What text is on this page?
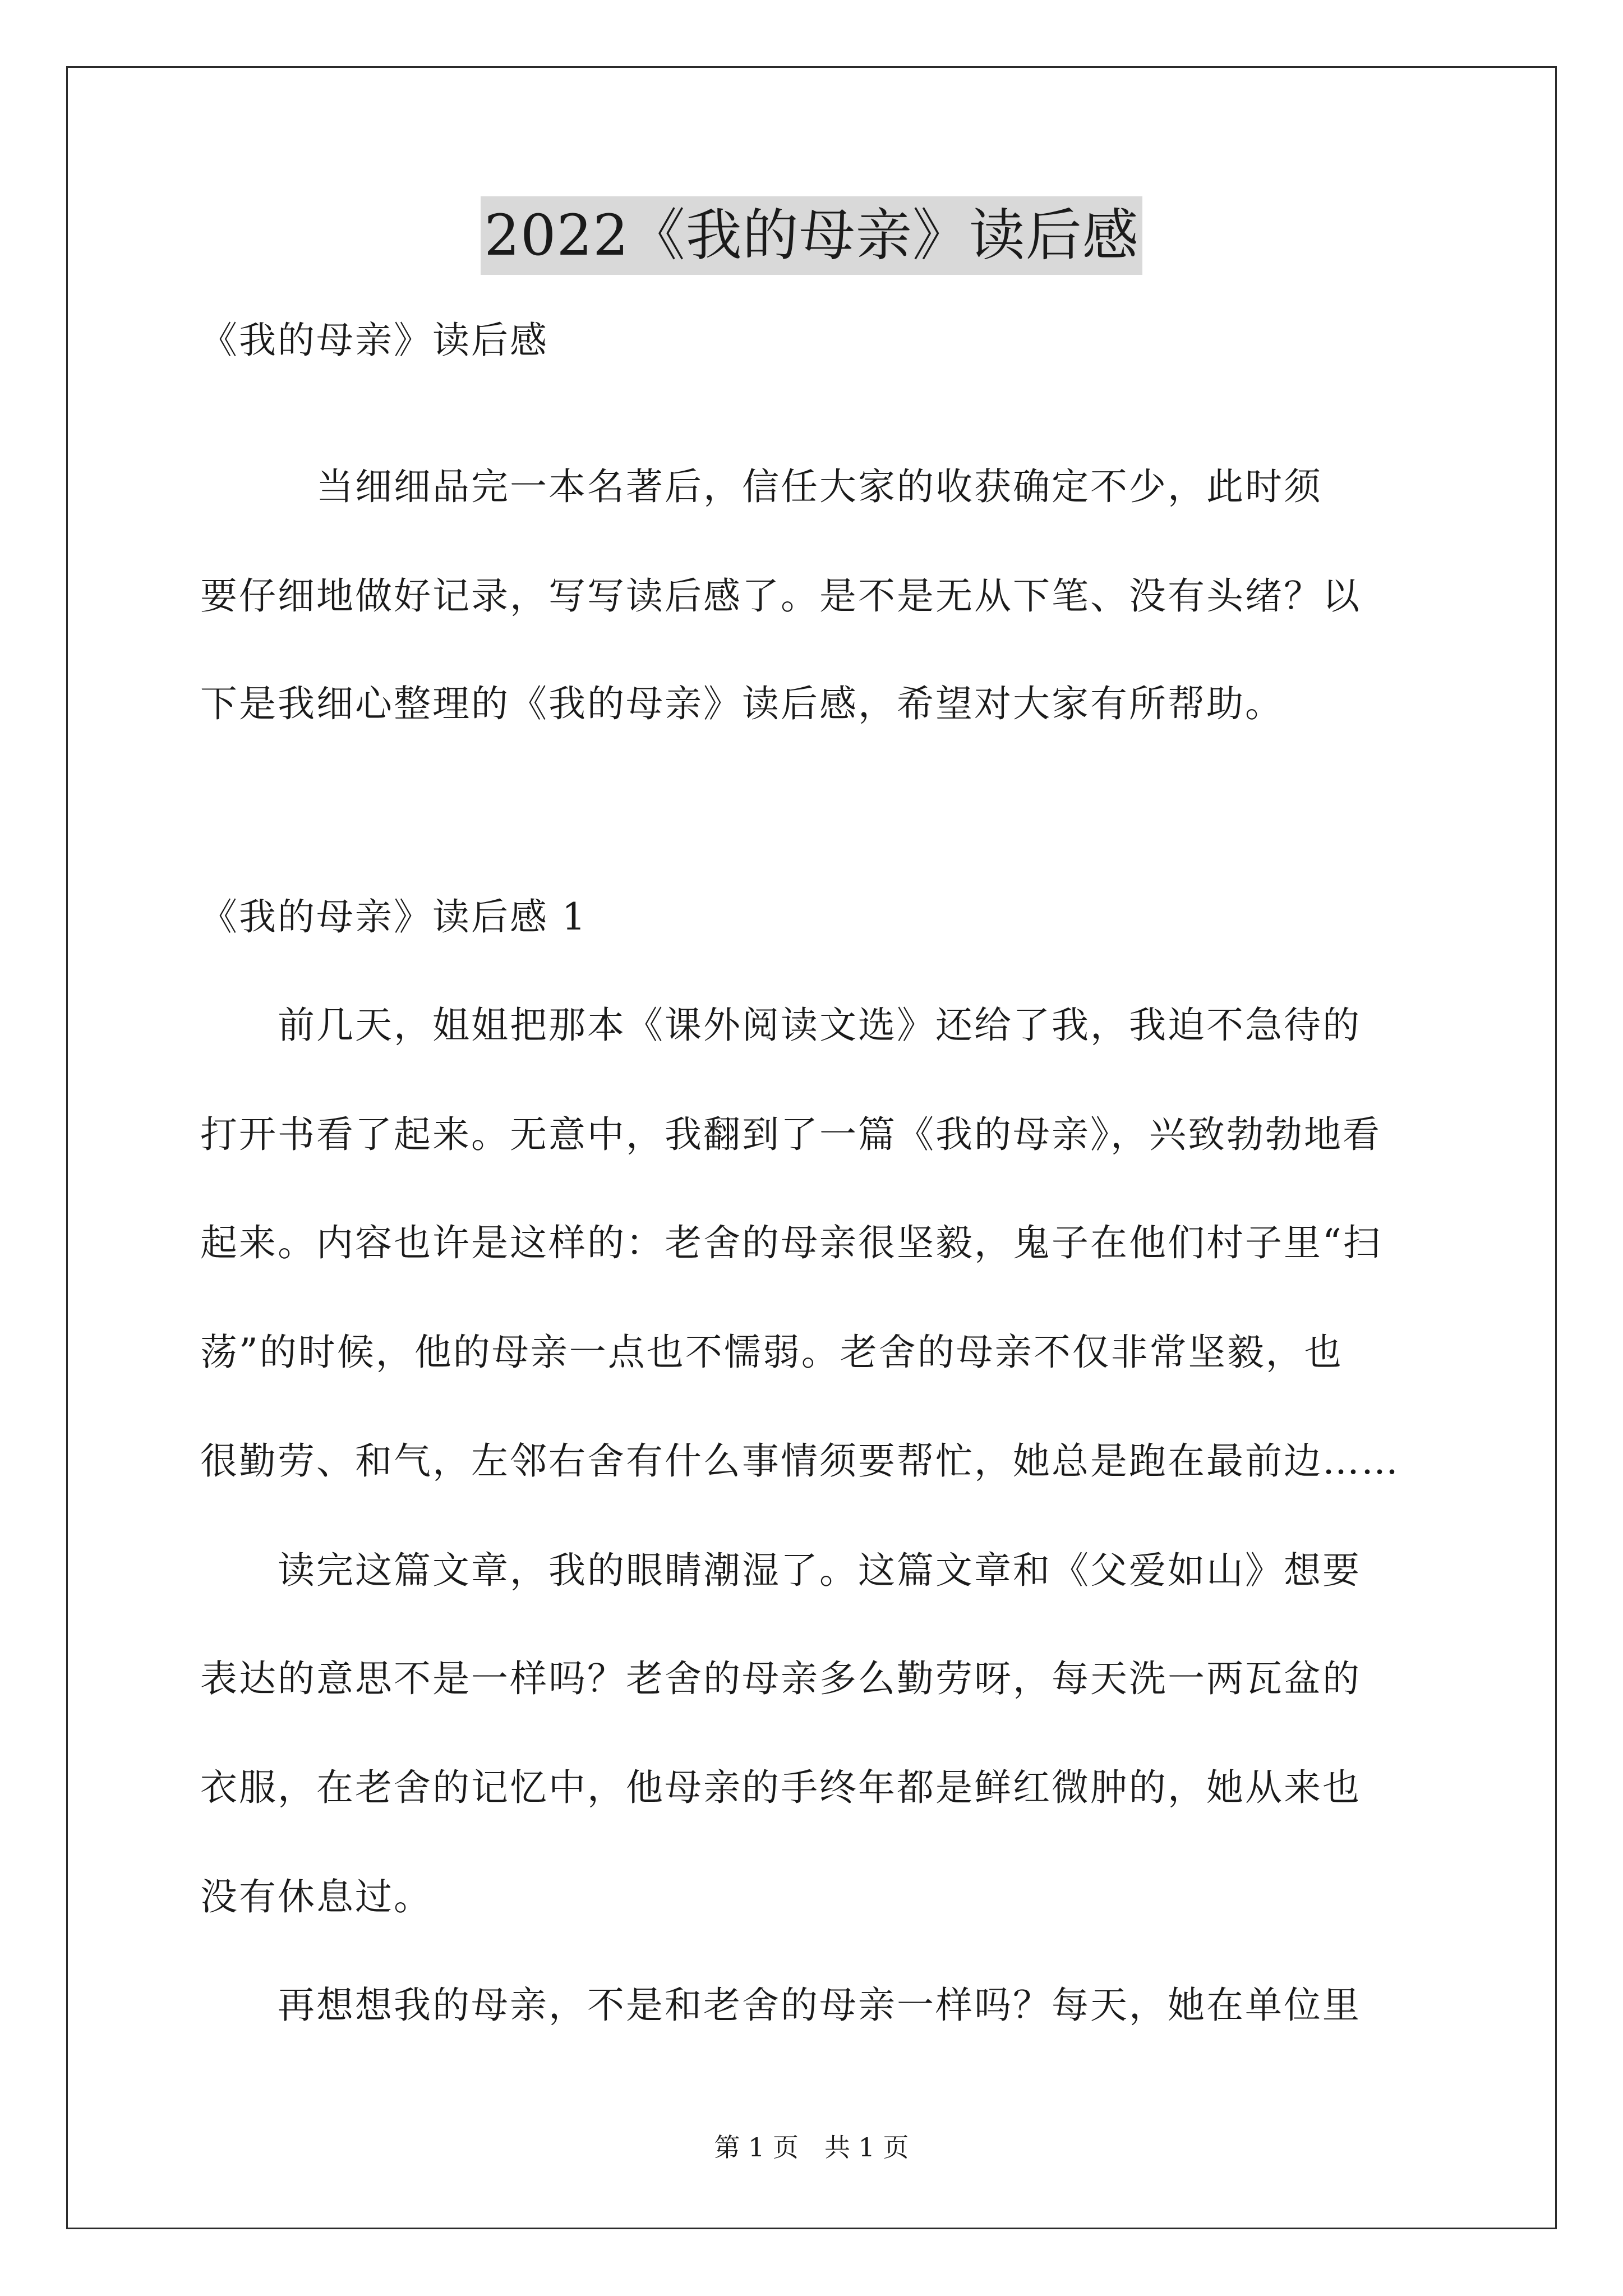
2022《我的母亲》读后感
《我的母亲》读后感
　　　当细细品完一本名著后，信任大家的收获确定不少，此时须
要仔细地做好记录，写写读后感了。是不是无从下笔、没有头绪？以
下是我细心整理的《我的母亲》读后感，希望对大家有所帮助。
《我的母亲》读后感 1
　　前几天，姐姐把那本《课外阅读文选》还给了我，我迫不急待的
打开书看了起来。无意中，我翻到了一篇《我的母亲》，兴致勃勃地看
起来。内容也许是这样的：老舍的母亲很坚毅，鬼子在他们村子里“扫
荡”的时候，他的母亲一点也不懦弱。老舍的母亲不仅非常坚毅，也
很勤劳、和气，左邻右舍有什么事情须要帮忙，她总是跑在最前边……
　　读完这篇文章，我的眼睛潮湿了。这篇文章和《父爱如山》想要
表达的意思不是一样吗？老舍的母亲多么勤劳呀，每天洗一两瓦盆的
衣服，在老舍的记忆中，他母亲的手终年都是鲜红微肿的，她从来也
没有休息过。
　　再想想我的母亲，不是和老舍的母亲一样吗？每天，她在单位里
第 1 页　共 1 页
